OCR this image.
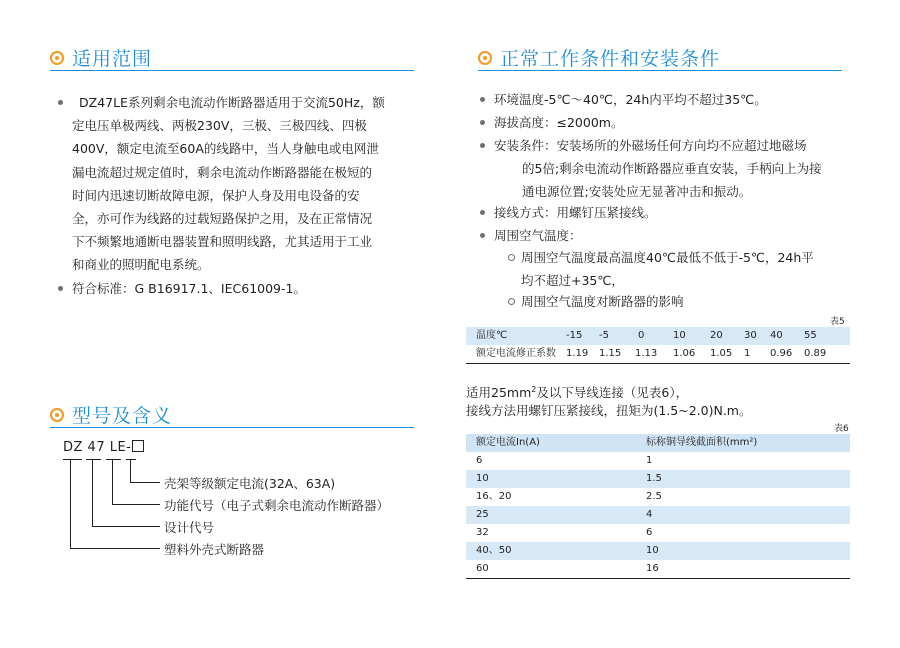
适用范围
DZ47LE系列剩余电流动作断路器适用于交流50Hz，额
定电压单极两线、两极230V，三极、三极四线、四极
400V，额定电流至60A的线路中，当人身触电或电网泄
漏电流超过规定值时，剩余电流动作断路器能在极短的
时间内迅速切断故障电源，保护人身及用电设备的安
全，亦可作为线路的过载短路保护之用，及在正常情况
下不频繁地通断电器装置和照明线路，尤其适用于工业
和商业的照明配电系统。
符合标准：G B16917.1、IEC61009-1。
型号及含义
DZ 47 LE-
壳架等级额定电流(32A、63A)
功能代号（电子式剩余电流动作断路器）
设计代号
塑料外壳式断路器
正常工作条件和安装条件
环境温度-5℃～40℃，24h内平均不超过35℃。
海拔高度：≤2000m。
安装条件：安装场所的外磁场任何方向均不应超过地磁场
的5倍;剩余电流动作断路器应垂直安装，手柄向上为接
通电源位置;安装处应无显著冲击和振动。
接线方式：用螺钉压紧接线。
周围空气温度：
周围空气温度最高温度40℃最低不低于-5℃，24h平
均不超过+35℃，
周围空气温度对断路器的影响
表5
温度℃	-15 -5	0	10 20 30 40 55
额定电流修正系数 1.19 1.15 1.13 1.06 1.05 1 0.96 0.89
适用$25mm^2$及以下导线连接（见表6），
接线方法用螺钉压紧接线，扭矩为(1.5~2.0)N.m。
表6
额定电流In(A)	标称铜导线截面积(mm²)
6	1
10	1.5
16、20	2.5
25	4
32	6
40、50	10
60	16
